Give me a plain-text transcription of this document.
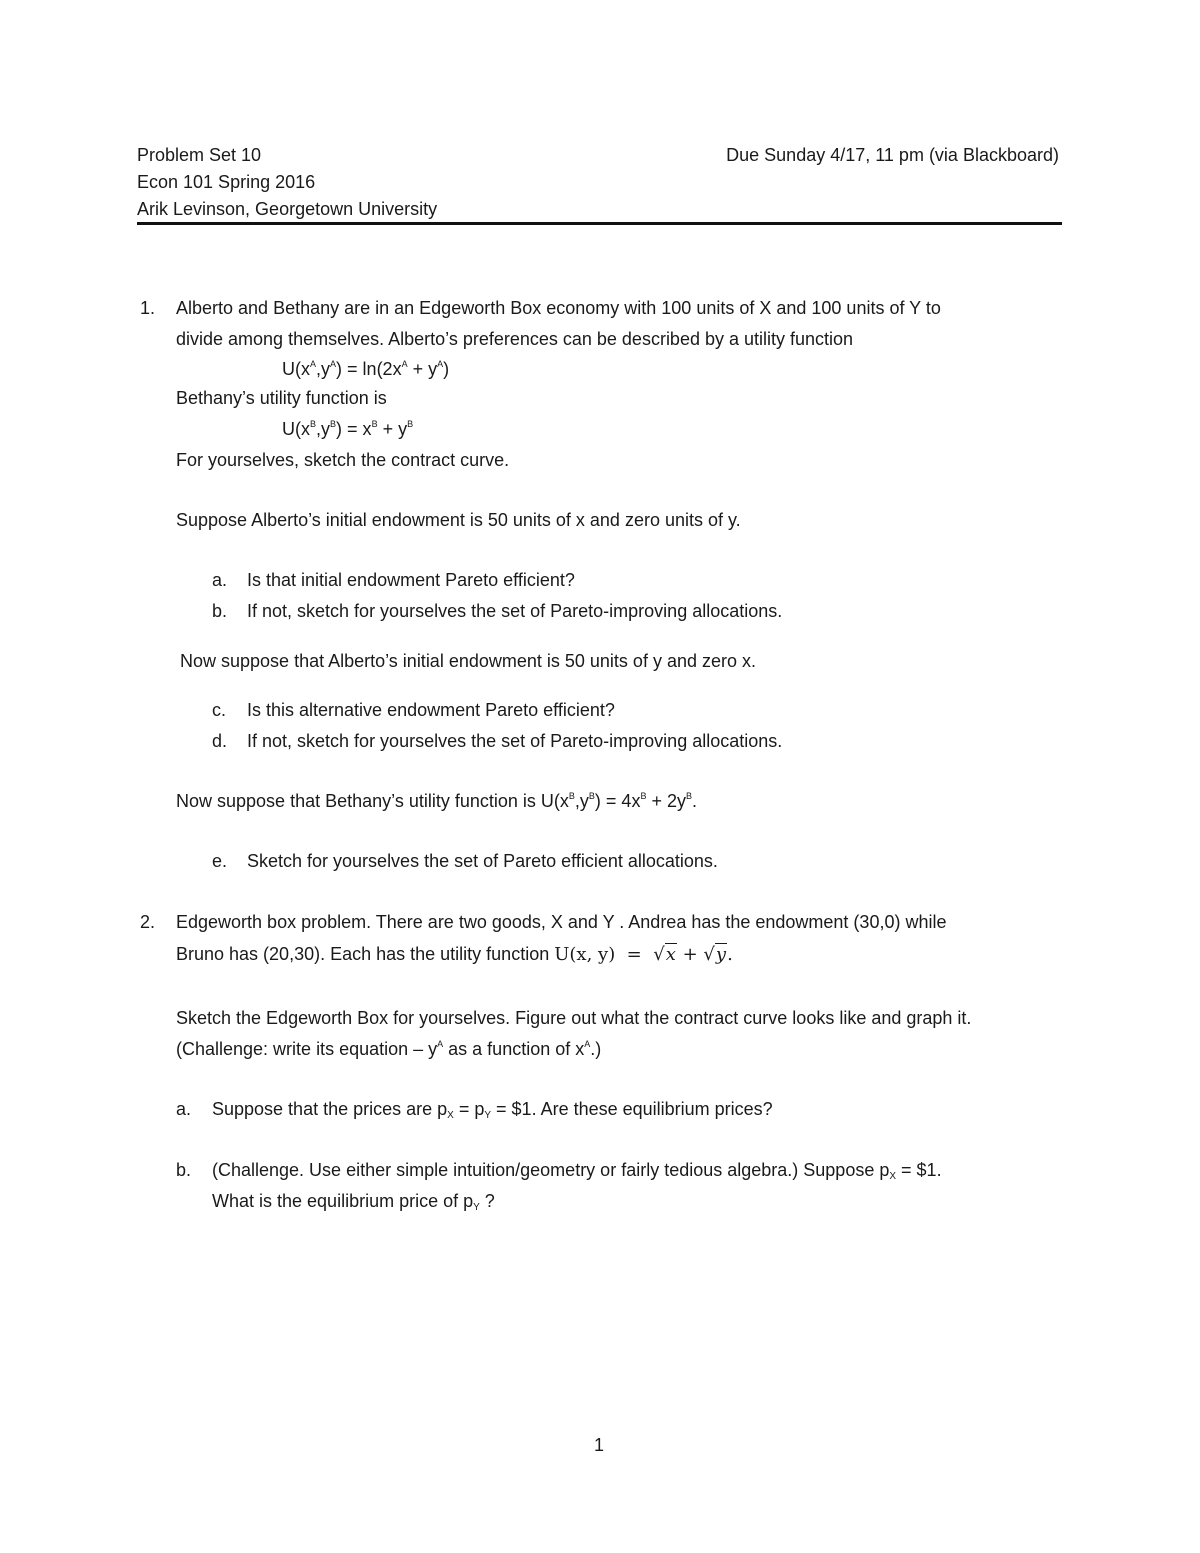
Problem Set 10	Due Sunday 4/17, 11 pm (via Blackboard)
Econ 101 Spring 2016
Arik Levinson, Georgetown University
1. Alberto and Bethany are in an Edgeworth Box economy with 100 units of X and 100 units of Y to
divide among themselves. Alberto’s preferences can be described by a utility function
$U(x^A,y^A) = \ln(2x^A + y^A)$
Bethany’s utility function is
$U(x^B,y^B) = x^B + y^B$
For yourselves, sketch the contract curve.
Suppose Alberto’s initial endowment is 50 units of x and zero units of y.
a. Is that initial endowment Pareto efficient?
b. If not, sketch for yourselves the set of Pareto-improving allocations.
Now suppose that Alberto’s initial endowment is 50 units of y and zero x.
c. Is this alternative endowment Pareto efficient?
d. If not, sketch for yourselves the set of Pareto-improving allocations.
Now suppose that Bethany’s utility function is $U(x^B,y^B) = 4x^B + 2y^B$.
e. Sketch for yourselves the set of Pareto efficient allocations.
2. Edgeworth box problem. There are two goods, X and Y . Andrea has the endowment (30,0) while
Bruno has (20,30). Each has the utility function U(x, y) = √x + √y.
Sketch the Edgeworth Box for yourselves. Figure out what the contract curve looks like and graph it.
(Challenge: write its equation – $y^A$ as a function of $x^A$.)
a. Suppose that the prices are $p_X = p_Y$ = $1. Are these equilibrium prices?
b. (Challenge. Use either simple intuition/geometry or fairly tedious algebra.) Suppose $p_X$ = $1.
What is the equilibrium price of $p_Y$ ?
1
